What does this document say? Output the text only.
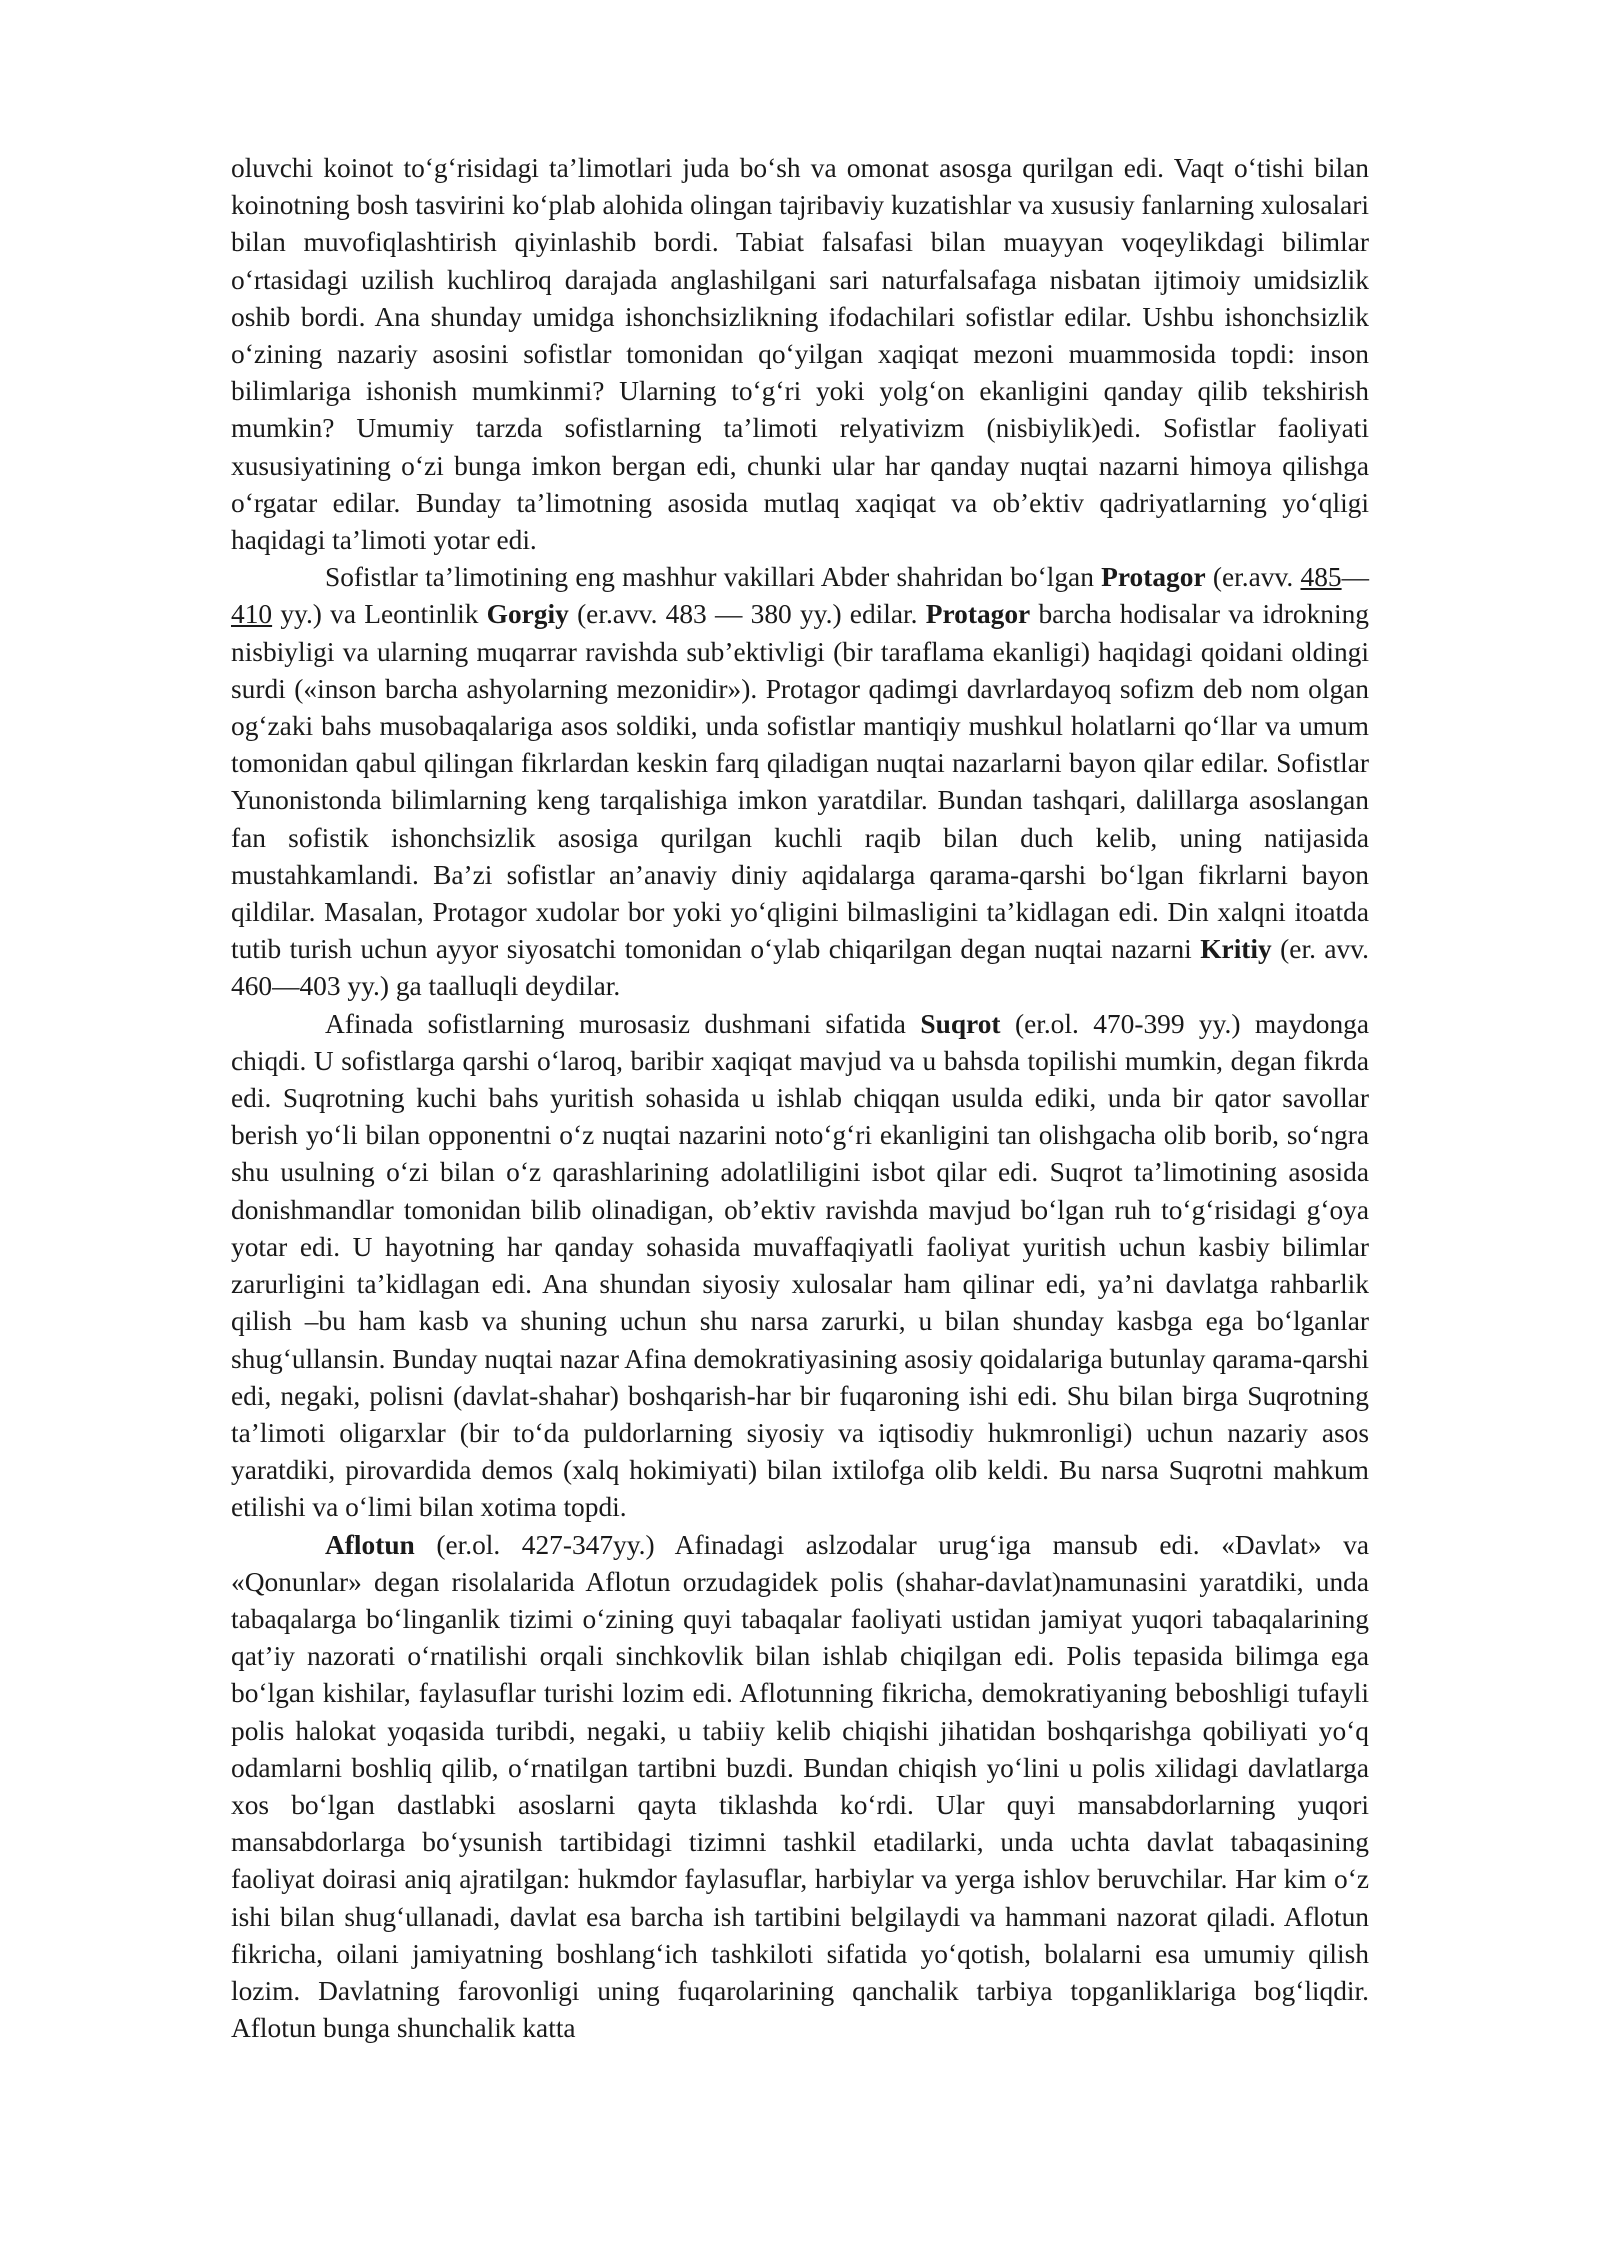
oluvchi koinot to‘g‘risidagi ta’limotlari juda bo‘sh va omonat asosga qurilgan edi. Vaqt o‘tishi bilan koinotning bosh tasvirini ko‘plab alohida olingan tajribaviy kuzatishlar va xususiy fanlarning xulosalari bilan muvofiqlashtirish qiyinlashib bordi. Tabiat falsafasi bilan muayyan voqeylikdagi bilimlar o‘rtasidagi uzilish kuchliroq darajada anglashilgani sari naturfalsafaga nisbatan ijtimoiy umidsizlik oshib bordi. Ana shunday umidga ishonchsizlikning ifodachilari sofistlar edilar. Ushbu ishonchsizlik o‘zining nazariy asosini sofistlar tomonidan qo‘yilgan xaqiqat mezoni muammosida topdi: inson bilimlariga ishonish mumkinmi? Ularning to‘g‘ri yoki yolg‘on ekanligini qanday qilib tekshirish mumkin? Umumiy tarzda sofistlarning ta’limoti relyativizm (nisbiylik)edi. Sofistlar faoliyati xususiyatining o‘zi bunga imkon bergan edi, chunki ular har qanday nuqtai nazarni himoya qilishga o‘rgatar edilar. Bunday ta’limotning asosida mutlaq xaqiqat va ob’ektiv qadriyatlarning yo‘qligi haqidagi ta’limoti yotar edi.

Sofistlar ta’limotining eng mashhur vakillari Abder shahridan bo‘lgan Protagor (er.avv. 485— 410 yy.) va Leontinlik Gorgiy (er.avv. 483 — 380 yy.) edilar. Protagor barcha hodisalar va idrokning nisbiyligi va ularning muqarrar ravishda sub’ektivligi (bir taraflama ekanligi) haqidagi qoidani oldingi surdi («inson barcha ashyolarning mezonidir»). Protagor qadimgi davrlardayoq sofizm deb nom olgan og‘zaki bahs musobaqalariga asos soldiki, unda sofistlar mantiqiy mushkul holatlarni qo‘llar va umum tomonidan qabul qilingan fikrlardan keskin farq qiladigan nuqtai nazarlarni bayon qilar edilar. Sofistlar Yunonistonda bilimlarning keng tarqalishiga imkon yaratdilar. Bundan tashqari, dalillarga asoslangan fan sofistik ishonchsizlik asosiga qurilgan kuchli raqib bilan duch kelib, uning natijasida mustahkamlandi. Ba’zi sofistlar an’anaviy diniy aqidalarga qarama-qarshi bo‘lgan fikrlarni bayon qildilar. Masalan, Protagor xudolar bor yoki yo‘qligini bilmasligini ta’kidlagan edi. Din xalqni itoatda tutib turish uchun ayyor siyosatchi tomonidan o‘ylab chiqarilgan degan nuqtai nazarni Kritiy (er. avv. 460—403 yy.) ga taalluqli deydilar.

Afinada sofistlarning murosasiz dushmani sifatida Suqrot (er.ol. 470-399 yy.) maydonga chiqdi. U sofistlarga qarshi o‘laroq, baribir xaqiqat mavjud va u bahsda topilishi mumkin, degan fikrda edi. Suqrotning kuchi bahs yuritish sohasida u ishlab chiqqan usulda ediki, unda bir qator savollar berish yo‘li bilan opponentni o‘z nuqtai nazarini noto‘g‘ri ekanligini tan olishgacha olib borib, so‘ngra shu usulning o‘zi bilan o‘z qarashlarining adolatliligini isbot qilar edi. Suqrot ta’limotining asosida donishmandlar tomonidan bilib olinadigan, ob’ektiv ravishda mavjud bo‘lgan ruh to‘g‘risidagi g‘oya yotar edi. U hayotning har qanday sohasida muvaffaqiyatli faoliyat yuritish uchun kasbiy bilimlar zarurligini ta’kidlagan edi. Ana shundan siyosiy xulosalar ham qilinar edi, ya’ni davlatga rahbarlik qilish –bu ham kasb va shuning uchun shu narsa zarurki, u bilan shunday kasbga ega bo‘lganlar shug‘ullansin. Bunday nuqtai nazar Afina demokratiyasining asosiy qoidalariga butunlay qarama-qarshi edi, negaki, polisni (davlat-shahar) boshqarish-har bir fuqaroning ishi edi. Shu bilan birga Suqrotning ta’limoti oligarxlar (bir to‘da puldorlarning siyosiy va iqtisodiy hukmronligi) uchun nazariy asos yaratdiki, pirovardida demos (xalq hokimiyati) bilan ixtilofga olib keldi. Bu narsa Suqrotni mahkum etilishi va o‘limi bilan xotima topdi.

Aflotun (er.ol. 427-347yy.) Afinadagi aslzodalar urug‘iga mansub edi. «Davlat» va «Qonunlar» degan risolalarida Aflotun orzudagidek polis (shahar-davlat)namunasini yaratdiki, unda tabaqalarga bo‘linganlik tizimi o‘zining quyi tabaqalar faoliyati ustidan jamiyat yuqori tabaqalarining qat’iy nazorati o‘rnatilishi orqali sinchkovlik bilan ishlab chiqilgan edi. Polis tepasida bilimga ega bo‘lgan kishilar, faylasuflar turishi lozim edi. Aflotunning fikricha, demokratiyaning beboshligi tufayli polis halokat yoqasida turibdi, negaki, u tabiiy kelib chiqishi jihatidan boshqarishga qobiliyati yo‘q odamlarni boshliq qilib, o‘rnatilgan tartibni buzdi. Bundan chiqish yo‘lini u polis xilidagi davlatlarga xos bo‘lgan dastlabki asoslarni qayta tiklashda ko‘rdi. Ular quyi mansabdorlarning yuqori mansabdorlarga bo‘ysunish tartibidagi tizimni tashkil etadilarki, unda uchta davlat tabaqasining faoliyat doirasi aniq ajratilgan: hukmdor faylasuflar, harbiylar va yerga ishlov beruvchilar. Har kim o‘z ishi bilan shug‘ullanadi, davlat esa barcha ish tartibini belgilaydi va hammani nazorat qiladi. Aflotun fikricha, oilani jamiyatning boshlang‘ich tashkiloti sifatida yo‘qotish, bolalarni esa umumiy qilish lozim. Davlatning farovonligi uning fuqarolarining qanchalik tarbiya topganliklariga bog‘liqdir. Aflotun bunga shunchalik katta
